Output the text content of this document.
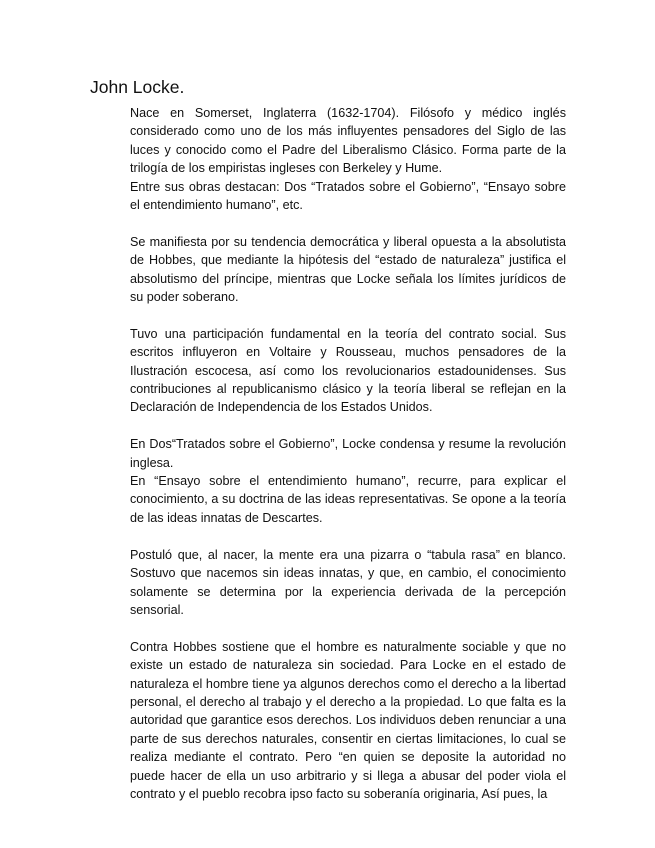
John Locke.

Nace en Somerset, Inglaterra (1632-1704). Filósofo y médico inglés considerado como uno de los más influyentes pensadores del Siglo de las luces y conocido como el Padre del Liberalismo Clásico. Forma parte de la trilogía de los empiristas ingleses con Berkeley y Hume.

Entre sus obras destacan: Dos “Tratados sobre el Gobierno”, “Ensayo sobre el entendimiento humano”, etc.

Se manifiesta por su tendencia democrática y liberal opuesta a la absolutista de Hobbes, que mediante la hipótesis del “estado de naturaleza” justifica el absolutismo del príncipe, mientras que Locke señala los límites jurídicos de su poder soberano.

Tuvo una participación fundamental en la teoría del contrato social. Sus escritos influyeron en Voltaire y Rousseau, muchos pensadores de la Ilustración escocesa, así como los revolucionarios estadounidenses. Sus contribuciones al republicanismo clásico y la teoría liberal se reflejan en la Declaración de Independencia de los Estados Unidos.

En Dos“Tratados sobre el Gobierno”, Locke condensa y resume la revolución inglesa.

En “Ensayo sobre el entendimiento humano”, recurre, para explicar el conocimiento, a su doctrina de las ideas representativas. Se opone a la teoría de las ideas innatas de Descartes.

Postuló que, al nacer, la mente era una pizarra o “tabula rasa” en blanco. Sostuvo que nacemos sin ideas innatas, y que, en cambio, el conocimiento solamente se determina por la experiencia derivada de la percepción sensorial.

Contra Hobbes sostiene que el hombre es naturalmente sociable y que no existe un estado de naturaleza sin sociedad. Para Locke en el estado de naturaleza el hombre tiene ya algunos derechos como el derecho a la libertad personal, el derecho al trabajo y el derecho a la propiedad. Lo que falta es la autoridad que garantice esos derechos. Los individuos deben renunciar a una parte de sus derechos naturales, consentir en ciertas limitaciones, lo cual se realiza mediante el contrato. Pero “en quien se deposite la autoridad no puede hacer de ella un uso arbitrario y si llega a abusar del poder viola el contrato y el pueblo recobra ipso facto su soberanía originaria, Así pues, la
